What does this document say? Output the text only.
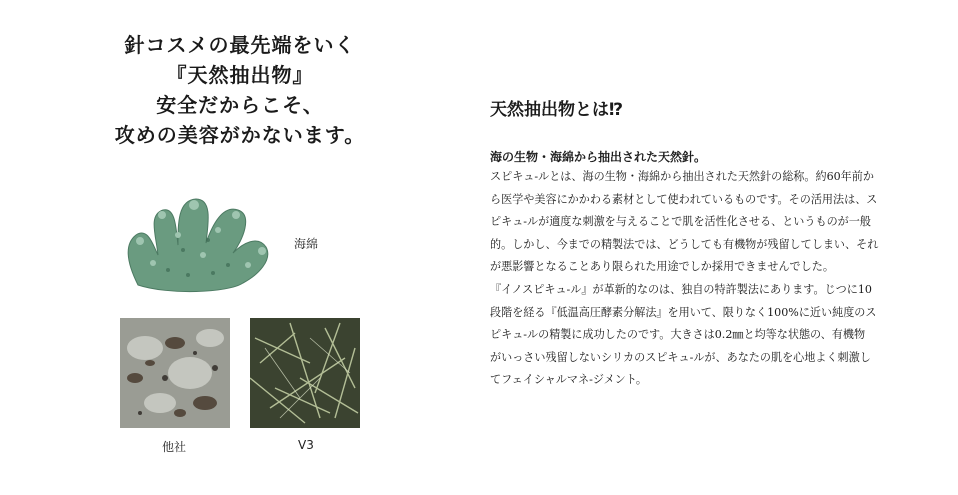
針コスメの最先端をいく
『天然抽出物』
安全だからこそ、
攻めの美容がかないます。
海綿
他社	V3
天然抽出物とは⁉
海の生物・海綿から抽出された天然針。
スピキュ-ルとは、海の生物・海綿から抽出された天然針の総称。約60年前か
ら医学や美容にかかわる素材として使われているものです。その活用法は、ス
ピキュ-ルが適度な刺激を与えることで肌を活性化させる、というものが一般
的。しかし、今までの精製法では、どうしても有機物が残留してしまい、それ
が悪影響となることあり限られた用途でしか採用できませんでした。
『イノスピキュ-ル』が革新的なのは、独自の特許製法にあります。じつに10
段階を経る『低温高圧酵素分解法』を用いて、限りなく100%に近い純度のス
ピキュ-ルの精製に成功したのです。大きさは0.2㎜と均等な状態の、有機物
がいっさい残留しないシリカのスピキュ-ルが、あなたの肌を心地よく刺激し
てフェイシャルマネ-ジメント。
